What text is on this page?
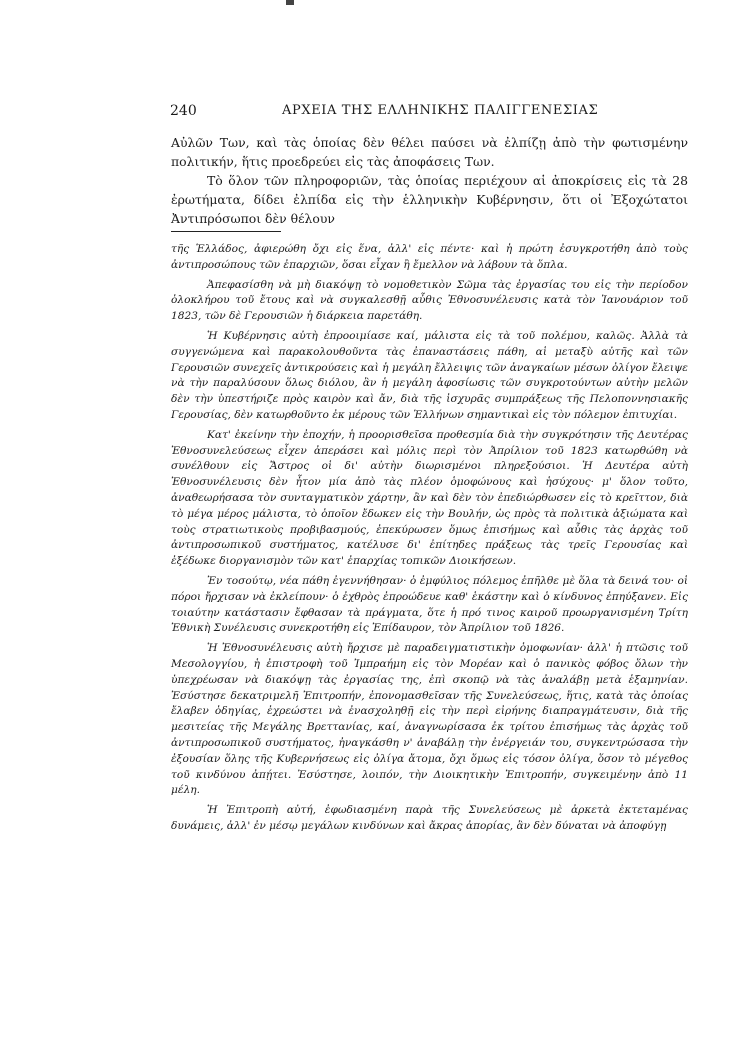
240	ΑΡΧΕΙΑ ΤΗΣ ΕΛΛΗΝΙΚΗΣ ΠΑΛΙΓΓΕΝΕΣΙΑΣ

Αὐλῶν Των, καὶ τὰς ὁποίας δὲν θέλει παύσει νὰ ἐλπίζῃ ἀπὸ τὴν φωτισμένην πολιτικήν, ἥτις προεδρεύει εἰς τὰς ἀποφάσεις Των.

Τὸ ὅλον τῶν πληροφοριῶν, τὰς ὁποίας περιέχουν αἱ ἀποκρίσεις εἰς τὰ 28 ἐρωτήματα, δίδει ἐλπίδα εἰς τὴν ἑλληνικὴν Κυβέρνησιν, ὅτι οἱ Ἐξοχώτατοι Ἀντιπρόσωποι δὲν θέλουν

τῆς Ἑλλάδος, ἀφιερώθη ὄχι εἰς ἕνα, ἀλλ' εἰς πέντε· καὶ ἡ πρώτη ἐσυγκροτήθη ἀπὸ τοὺς ἀντιπροσώπους τῶν ἐπαρχιῶν, ὅσαι εἶχαν ἢ ἔμελλον νὰ λάβουν τὰ ὅπλα.

Ἀπεφασίσθη νὰ μὴ διακόψῃ τὸ νομοθετικὸν Σῶμα τὰς ἐργασίας του εἰς τὴν περίοδον ὁλοκλήρου τοῦ ἔτους καὶ νὰ συγκαλεσθῇ αὖθις Ἐθνοσυνέλευσις κατὰ τὸν Ἰανουάριον τοῦ 1823, τῶν δὲ Γερουσιῶν ἡ διάρκεια παρετάθη.

Ἡ Κυβέρνησις αὐτὴ ἐπροοιμίασε καί, μάλιστα εἰς τὰ τοῦ πολέμου, καλῶς. Ἀλλὰ τὰ συγγενώμενα καὶ παρακολουθοῦντα τὰς ἐπαναστάσεις πάθη, αἱ μεταξὺ αὐτῆς καὶ τῶν Γερουσιῶν συνεχεῖς ἀντικρούσεις καὶ ἡ μεγάλη ἔλλειψις τῶν ἀναγκαίων μέσων ὀλίγον ἔλειψε νὰ τὴν παραλύσουν ὅλως διόλου, ἂν ἡ μεγάλη ἀφοσίωσις τῶν συγκροτούντων αὐτὴν μελῶν δὲν τὴν ὑπεστήριζε πρὸς καιρὸν καὶ ἄν, διὰ τῆς ἰσχυρᾶς συμπράξεως τῆς Πελοποννησιακῆς Γερουσίας, δὲν κατωρθοῦντο ἐκ μέρους τῶν Ἑλλήνων σημαντικαὶ εἰς τὸν πόλεμον ἐπιτυχίαι.

Κατ' ἐκείνην τὴν ἐποχήν, ἡ προορισθεῖσα προθεσμία διὰ τὴν συγκρότησιν τῆς Δευτέρας Ἐθνοσυνελεύσεως εἶχεν ἀπεράσει καὶ μόλις περὶ τὸν Ἀπρίλιον τοῦ 1823 κατωρθώθη νὰ συνέλθουν εἰς Ἄστρος οἱ δι' αὐτὴν διωρισμένοι πληρεξούσιοι. Ἡ Δευτέρα αὐτὴ Ἐθνοσυνέλευσις δὲν ἦτον μία ἀπὸ τὰς πλέον ὁμοφώνους καὶ ἡσύχους· μ' ὅλον τοῦτο, ἀναθεωρήσασα τὸν συνταγματικὸν χάρτην, ἂν καὶ δὲν τὸν ἐπεδιώρθωσεν εἰς τὸ κρεῖττον, διὰ τὸ μέγα μέρος μάλιστα, τὸ ὁποῖον ἔδωκεν εἰς τὴν Βουλήν, ὡς πρὸς τὰ πολιτικὰ ἀξιώματα καὶ τοὺς στρατιωτικοὺς προβιβασμούς, ἐπεκύρωσεν ὅμως ἐπισήμως καὶ αὖθις τὰς ἀρχὰς τοῦ ἀντιπροσωπικοῦ συστήματος, κατέλυσε δι' ἐπίτηδες πράξεως τὰς τρεῖς Γερουσίας καὶ ἐξέδωκε διοργανισμὸν τῶν κατ' ἐπαρχίας τοπικῶν Διοικήσεων.

Ἐν τοσούτῳ, νέα πάθη ἐγεννήθησαν· ὁ ἐμφύλιος πόλεμος ἐπῆλθε μὲ ὅλα τὰ δεινά του· οἱ πόροι ἤρχισαν νὰ ἐκλείπουν· ὁ ἐχθρὸς ἐπροώδευε καθ' ἑκάστην καὶ ὁ κίνδυνος ἐπηύξανεν. Εἰς τοιαύτην κατάστασιν ἔφθασαν τὰ πράγματα, ὅτε ἡ πρό τινος καιροῦ προωργανισμένη Τρίτη Ἐθνικὴ Συνέλευσις συνεκροτήθη εἰς Ἐπίδαυρον, τὸν Ἀπρίλιον τοῦ 1826.

Ἡ Ἐθνοσυνέλευσις αὐτὴ ἤρχισε μὲ παραδειγματιστικὴν ὁμοφωνίαν· ἀλλ' ἡ πτῶσις τοῦ Μεσολογγίου, ἡ ἐπιστροφὴ τοῦ Ἰμπραήμη εἰς τὸν Μορέαν καὶ ὁ πανικὸς φόβος ὅλων τὴν ὑπεχρέωσαν νὰ διακόψῃ τὰς ἐργασίας της, ἐπὶ σκοπῷ νὰ τὰς ἀναλάβῃ μετὰ ἑξαμηνίαν. Ἐσύστησε δεκατριμελῆ Ἐπιτροπήν, ἐπονομασθεῖσαν τῆς Συνελεύσεως, ἥτις, κατὰ τὰς ὁποίας ἔλαβεν ὁδηγίας, ἐχρεώστει νὰ ἐνασχοληθῇ εἰς τὴν περὶ εἰρήνης διαπραγμάτευσιν, διὰ τῆς μεσιτείας τῆς Μεγάλης Βρεττανίας, καί, ἀναγνωρίσασα ἐκ τρίτου ἐπισήμως τὰς ἀρχὰς τοῦ ἀντιπροσωπικοῦ συστήματος, ἠναγκάσθη ν' ἀναβάλῃ τὴν ἐνέργειάν του, συγκεντρώσασα τὴν ἐξουσίαν ὅλης τῆς Κυβερνήσεως εἰς ὀλίγα ἄτομα, ὄχι ὅμως εἰς τόσον ὀλίγα, ὅσον τὸ μέγεθος τοῦ κινδύνου ἀπῄτει. Ἐσύστησε, λοιπόν, τὴν Διοικητικὴν Ἐπιτροπήν, συγκειμένην ἀπὸ 11 μέλη.

Ἡ Ἐπιτροπὴ αὐτή, ἐφωδιασμένη παρὰ τῆς Συνελεύσεως μὲ ἀρκετὰ ἐκτεταμένας δυνάμεις, ἀλλ' ἐν μέσῳ μεγάλων κινδύνων καὶ ἄκρας ἀπορίας, ἂν δὲν δύναται νὰ ἀποφύγῃ
